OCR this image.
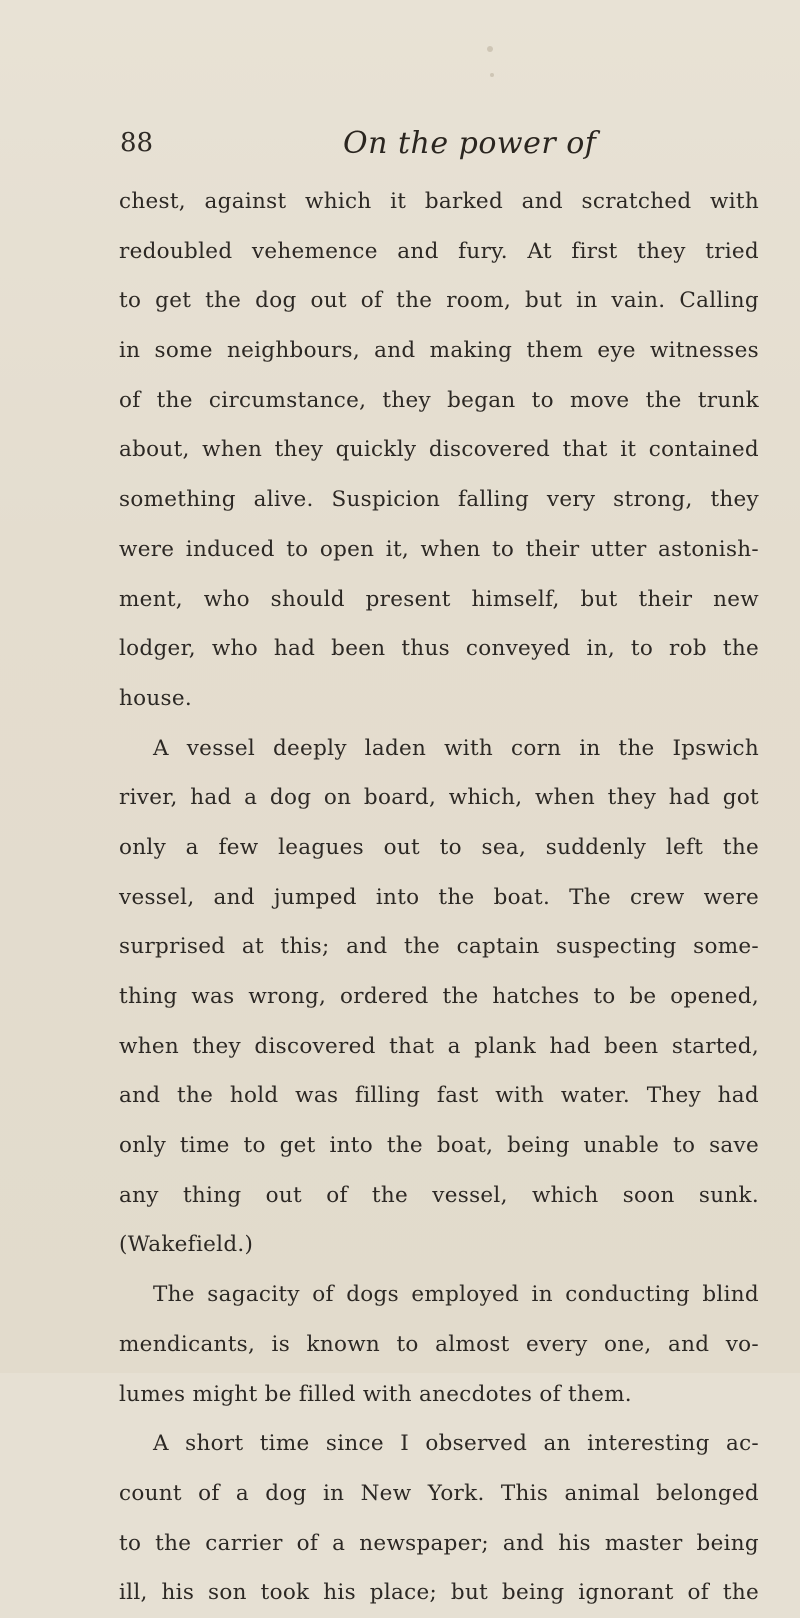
88	On the power of
chest, against which it barked and scratched with
redoubled vehemence and fury. At first they tried
to get the dog out of the room, but in vain. Calling
in some neighbours, and making them eye witnesses
of the circumstance, they began to move the trunk
about, when they quickly discovered that it contained
something alive. Suspicion falling very strong, they
were induced to open it, when to their utter astonish-
ment, who should present himself, but their new
lodger, who had been thus conveyed in, to rob the
house.
A vessel deeply laden with corn in the Ipswich
river, had a dog on board, which, when they had got
only a few leagues out to sea, suddenly left the
vessel, and jumped into the boat. The crew were
surprised at this; and the captain suspecting some-
thing was wrong, ordered the hatches to be opened,
when they discovered that a plank had been started,
and the hold was filling fast with water. They had
only time to get into the boat, being unable to save
any thing out of the vessel, which soon sunk.
(Wakefield.)
The sagacity of dogs employed in conducting blind
mendicants, is known to almost every one, and vo-
lumes might be filled with anecdotes of them.
A short time since I observed an interesting ac-
count of a dog in New York. This animal belonged
to the carrier of a newspaper; and his master being
ill, his son took his place; but being ignorant of the
